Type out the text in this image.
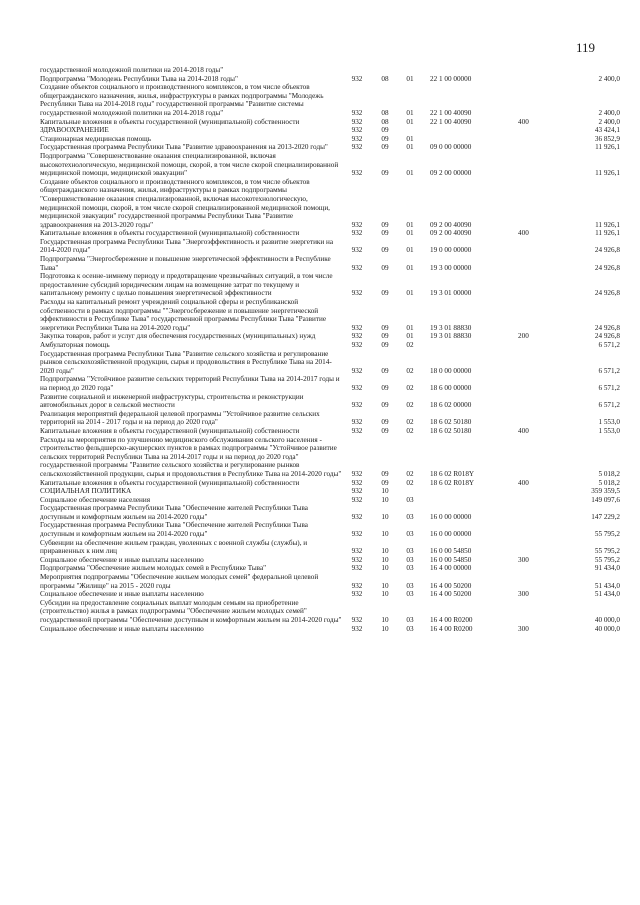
119
государственной молодежной политики на 2014-2018 годы"						
Подпрограмма "Молодежь Республики Тыва на 2014-2018 годы"	932	08	01	22 1 00 00000		2 400,0
Создание объектов социального и производственного комплексов, в том числе объектов общегражданского назначения, жилья, инфраструктуры в рамках подпрограммы "Молодежь Республики Тыва на 2014-2018 годы" государственной программы "Развитие системы государственной молодежной политики на 2014-2018 годы"	932	08	01	22 1 00 40090		2 400,0
Капитальные вложения в объекты государственной (муниципальной) собственности	932	08	01	22 1 00 40090	400	2 400,0
ЗДРАВООХРАНЕНИЕ	932	09				43 424,1
Стационарная медицинская помощь	932	09	01			36 852,9
Государственная программа Республики Тыва "Развитие здравоохранения на 2013-2020 годы"	932	09	01	09 0 00 00000		11 926,1
Подпрограмма "Совершенствование оказания специализированной, включая высокотехнологическую, медицинской помощи, скорой, в том числе скорой специализированной медицинской помощи, медицинской эвакуации"	932	09	01	09 2 00 00000		11 926,1
Создание объектов социального и производственного комплексов, в том числе объектов общегражданского назначения, жилья, инфраструктуры в рамках подпрограммы "Совершенствование оказания специализированной, включая высокотехнологическую, медицинской помощи, скорой, в том числе скорой специализированной медицинской помощи, медицинской эвакуации" государственной программы Республики Тыва "Развитие здравоохранения на 2013-2020 годы"	932	09	01	09 2 00 40090		11 926,1
Капитальные вложения в объекты государственной (муниципальной) собственности	932	09	01	09 2 00 40090	400	11 926,1
Государственная программа Республики Тыва "Энергоэффективность и развитие энергетики на 2014-2020 годы"	932	09	01	19 0 00 00000		24 926,8
Подпрограмма "Энергосбережение и повышение энергетической эффективности в Республике Тыва"	932	09	01	19 3 00 00000		24 926,8
Подготовка к осенне-зимнему периоду и предотвращение чрезвычайных ситуаций, в том числе предоставление субсидий юридическим лицам на возмещение затрат по текущему и капитальному ремонту с целью повышения энергетической эффективности	932	09	01	19 3 01 00000		24 926,8
Расходы на капитальный ремонт учреждений социальной сферы и республиканской собственности в рамках подпрограммы ""Энергосбережение и повышение энергетической эффективности в Республике Тыва" государственной программы Республики Тыва "Развитие энергетики Республики Тыва на 2014-2020 годы"	932	09	01	19 3 01 88830		24 926,8
Закупка товаров, работ и услуг для обеспечения государственных (муниципальных) нужд	932	09	01	19 3 01 88830	200	24 926,8
Амбулаторная помощь	932	09	02			6 571,2
Государственная программа Республики Тыва "Развитие сельского хозяйства и регулирование рынков сельскохозяйственной продукции, сырья и продовольствия в Республике Тыва на 2014-2020 годы"	932	09	02	18 0 00 00000		6 571,2
Подпрограмма "Устойчивое развитие сельских территорий Республики Тыва на 2014-2017 годы и на период до 2020 года"	932	09	02	18 6 00 00000		6 571,2
Развитие социальной и инженерной инфраструктуры, строительства и реконструкции автомобильных дорог в сельской местности	932	09	02	18 6 02 00000		6 571,2
Реализация мероприятий федеральной целевой программы "Устойчивое развитие сельских территорий на 2014 - 2017 годы и на период до 2020 года"	932	09	02	18 6 02 50180		1 553,0
Капитальные вложения в объекты государственной (муниципальной) собственности	932	09	02	18 6 02 50180	400	1 553,0
Расходы на мероприятия по улучшению медицинского обслуживания сельского населения - строительство фельдшерско-акушерских пунктов в рамках подпрограммы "Устойчивое развитие сельских территорий Республики Тыва на 2014-2017 годы и на период до 2020 года" государственной программы "Развитие сельского хозяйства и регулирование рынков сельскохозяйственной продукции, сырья и продовольствия в Республике Тыва на 2014-2020 годы"	932	09	02	18 6 02 R018Y		5 018,2
Капитальные вложения в объекты государственной (муниципальной) собственности	932	09	02	18 6 02 R018Y	400	5 018,2
СОЦИАЛЬНАЯ ПОЛИТИКА	932	10				359 359,5
Социальное обеспечение населения	932	10	03			149 097,6
Государственная программа Республики Тыва "Обеспечение жителей Республики Тыва доступным и комфортным жильем на 2014-2020 годы"	932	10	03	16 0 00 00000		147 229,2
Государственная программа Республики Тыва "Обеспечение жителей Республики Тыва доступным и комфортным жильем на 2014-2020 годы"	932	10	03	16 0 00 00000		55 795,2
Субвенции на обеспечение жильем граждан, уволенных с военной службы (службы), и приравненных к ним лиц	932	10	03	16 0 00 54850		55 795,2
Социальное обеспечение и иные выплаты населению	932	10	03	16 0 00 54850	300	55 795,2
Подпрограмма "Обеспечение жильем молодых семей в Республике Тыва"	932	10	03	16 4 00 00000		91 434,0
Мероприятия подпрограммы "Обеспечение жильем молодых семей" федеральной целевой программы "Жилище" на 2015 - 2020 годы	932	10	03	16 4 00 50200		51 434,0
Социальное обеспечение и иные выплаты населению	932	10	03	16 4 00 50200	300	51 434,0
Субсидии на предоставление социальных выплат молодым семьям на приобретение (строительство) жилья в рамках подпрограммы "Обеспечение жильем молодых семей" государственной программы "Обеспечение доступным и комфортным жильем на 2014-2020 годы"	932	10	03	16 4 00 R0200		40 000,0
Социальное обеспечение и иные выплаты населению	932	10	03	16 4 00 R0200	300	40 000,0
